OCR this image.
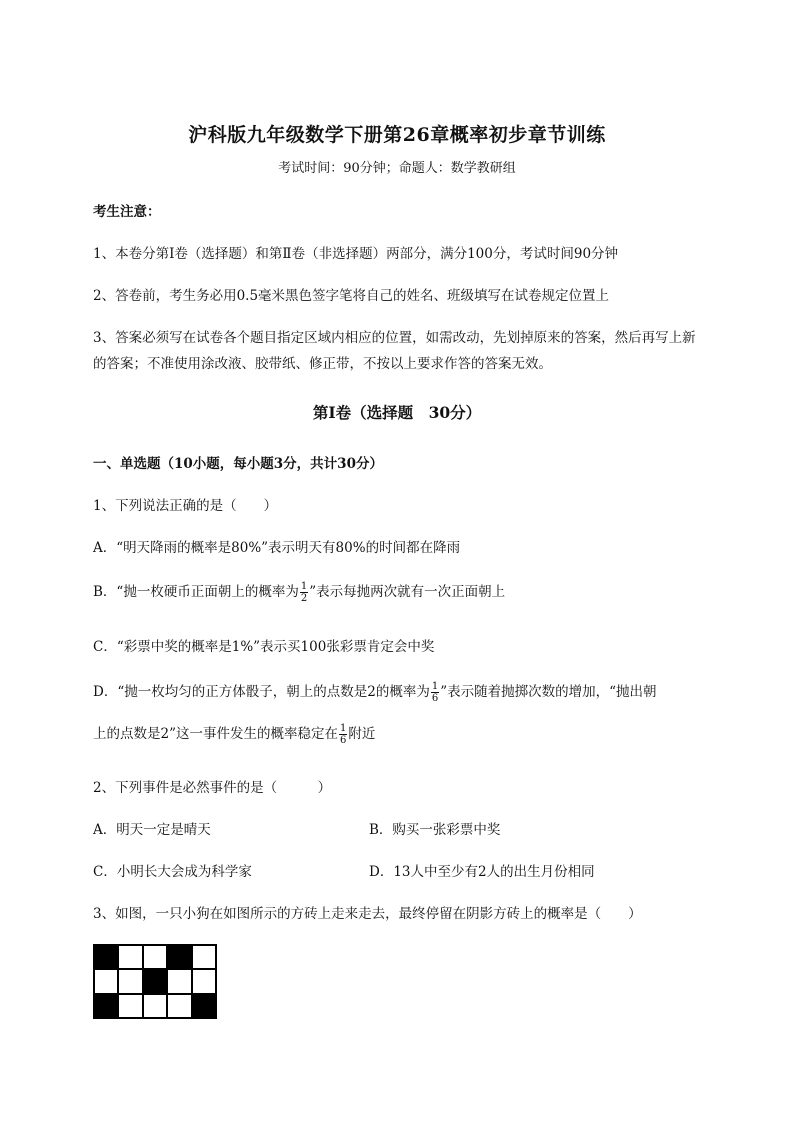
沪科版九年级数学下册第26章概率初步章节训练
考试时间：90分钟；命题人：数学教研组
考生注意：
1、本卷分第I卷（选择题）和第Ⅱ卷（非选择题）两部分，满分100分，考试时间90分钟
2、答卷前，考生务必用0.5毫米黑色签字笔将自己的姓名、班级填写在试卷规定位置上
3、答案必须写在试卷各个题目指定区域内相应的位置，如需改动，先划掉原来的答案，然后再写上新
的答案；不准使用涂改液、胶带纸、修正带，不按以上要求作答的答案无效。
第I卷（选择题　30分）
一、单选题（10小题，每小题3分，共计30分）
1、下列说法正确的是（　　）
A．“明天降雨的概率是80%”表示明天有80%的时间都在降雨
B．“抛一枚硬币正面朝上的概率为 $\frac{1}{2}$ ”表示每抛两次就有一次正面朝上
C．“彩票中奖的概率是1%”表示买100张彩票肯定会中奖
D．“抛一枚均匀的正方体骰子，朝上的点数是2的概率为 $\frac{1}{6}$ ”表示随着抛掷次数的增加，“抛出朝
上的点数是2”这一事件发生的概率稳定在 $\frac{1}{6}$ 附近
2、下列事件是必然事件的是（　　　）
A．明天一定是晴天	B．购买一张彩票中奖
C．小明长大会成为科学家	D．13人中至少有2人的出生月份相同
3、如图，一只小狗在如图所示的方砖上走来走去，最终停留在阴影方砖上的概率是（　　）
